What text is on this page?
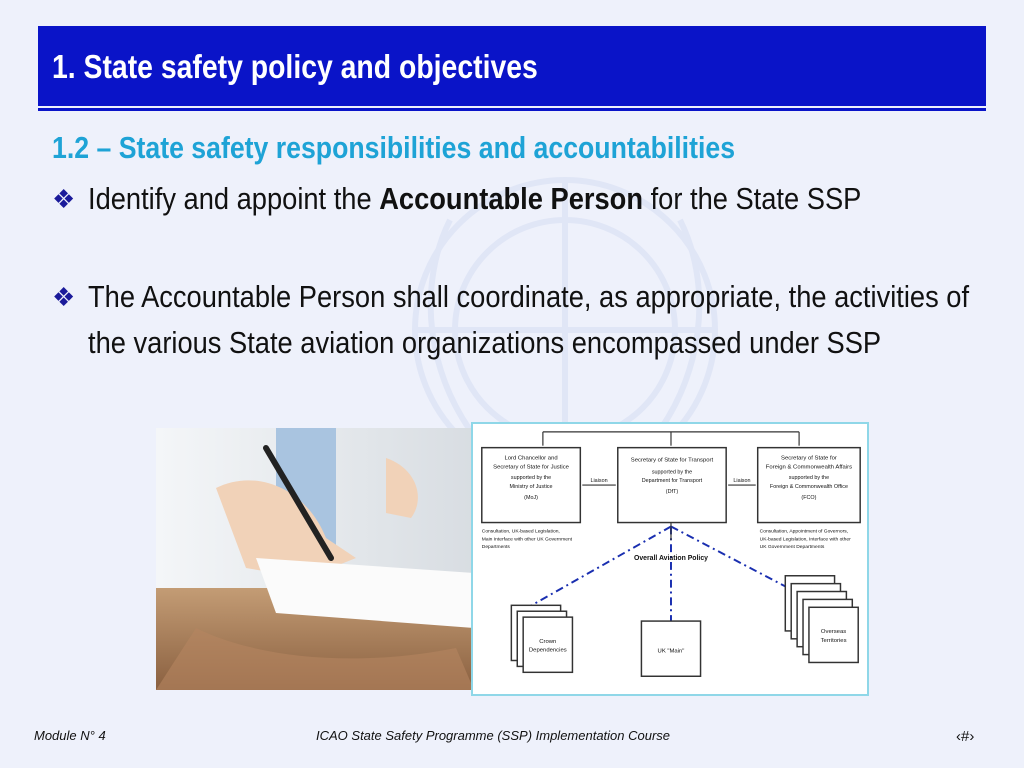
1. State safety policy and objectives
1.2 – State safety responsibilities and accountabilities
❖ Identify and appoint the Accountable Person for the State SSP
❖ The Accountable Person shall coordinate, as appropriate, the activities of the various State aviation organizations encompassed under SSP
Lord Chancellor and
Secretary of State for Justice
supported by the
Ministry of Justice
(MoJ)
Secretary of State for Transport
supported by the
Department for Transport
(DfT)
Secretary of State for
Foreign & Commonwealth Affairs
supported by the
Foreign & Commonwealth Office
(FCO)
Liaison	Liaison
Consultation, UK-based Legislation,
Main Interface with other UK Government
Departments
Consultation, Appointment of Governors,
UK-based Legislation, Interface with other
UK Government Departments
Overall Aviation Policy
Crown
Dependencies	UK "Main"
Overseas
Territories
Module N° 4	ICAO State Safety Programme (SSP) Implementation Course	‹#›
